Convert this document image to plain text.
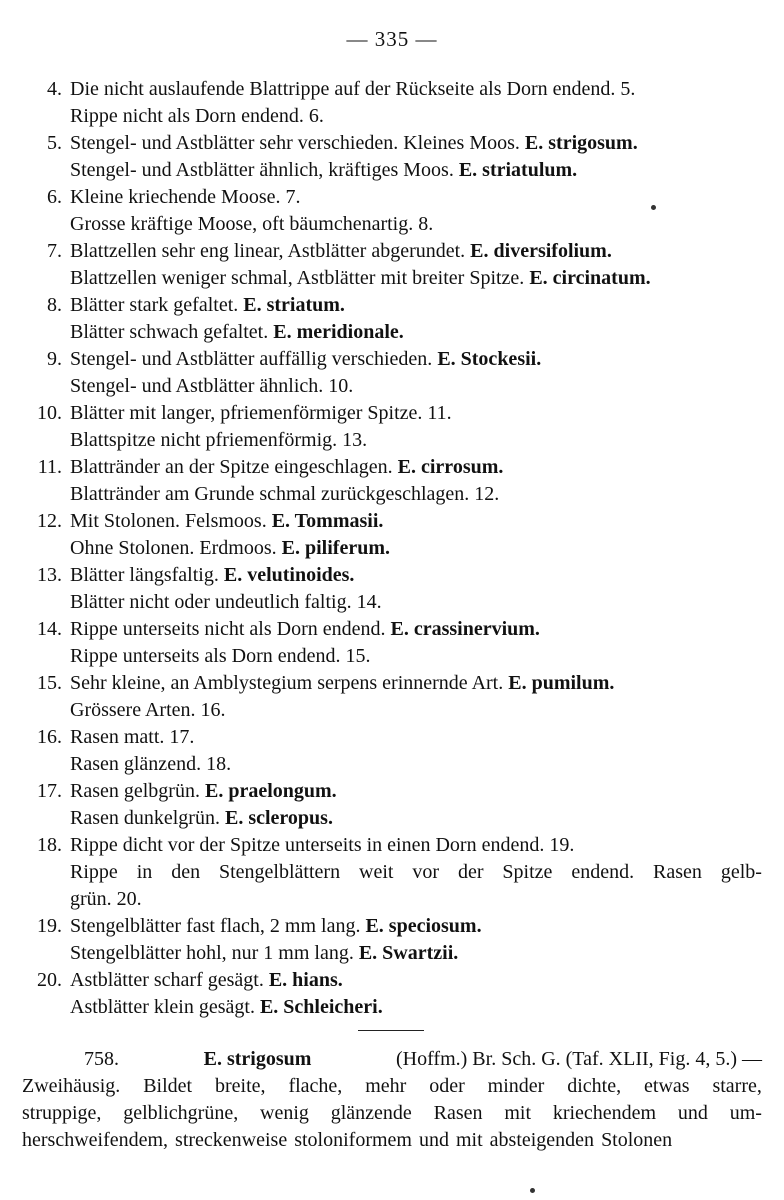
— 335 —
4. Die nicht auslaufende Blattrippe auf der Rückseite als Dorn endend. 5.
Rippe nicht als Dorn endend. 6.
5. Stengel- und Astblätter sehr verschieden. Kleines Moos. E. strigosum.
Stengel- und Astblätter ähnlich, kräftiges Moos. E. striatulum.
6. Kleine kriechende Moose. 7.
Grosse kräftige Moose, oft bäumchenartig. 8.
7. Blattzellen sehr eng linear, Astblätter abgerundet. E. diversifolium.
Blattzellen weniger schmal, Astblätter mit breiter Spitze. E. circinatum.
8. Blätter stark gefaltet. E. striatum.
Blätter schwach gefaltet. E. meridionale.
9. Stengel- und Astblätter auffällig verschieden. E. Stockesii.
Stengel- und Astblätter ähnlich. 10.
10. Blätter mit langer, pfriemenförmiger Spitze. 11.
Blattspitze nicht pfriemenförmig. 13.
11. Blattränder an der Spitze eingeschlagen. E. cirrosum.
Blattränder am Grunde schmal zurückgeschlagen. 12.
12. Mit Stolonen. Felsmoos. E. Tommasii.
Ohne Stolonen. Erdmoos. E. piliferum.
13. Blätter längsfaltig. E. velutinoides.
Blätter nicht oder undeutlich faltig. 14.
14. Rippe unterseits nicht als Dorn endend. E. crassinervium.
Rippe unterseits als Dorn endend. 15.
15. Sehr kleine, an Amblystegium serpens erinnernde Art. E. pumilum.
Grössere Arten. 16.
16. Rasen matt. 17.
Rasen glänzend. 18.
17. Rasen gelbgrün. E. praelongum.
Rasen dunkelgrün. E. scleropus.
18. Rippe dicht vor der Spitze unterseits in einen Dorn endend. 19.
Rippe in den Stengelblättern weit vor der Spitze endend. Rasen gelb-
grün. 20.
19. Stengelblätter fast flach, 2 mm lang. E. speciosum.
Stengelblätter hohl, nur 1 mm lang. E. Swartzii.
20. Astblätter scharf gesägt. E. hians.
Astblätter klein gesägt. E. Schleicheri.
758.	E. strigosum	(Hoffm.) Br. Sch. G. (Taf. XLII, Fig. 4, 5.) —
Zweihäusig. Bildet breite, flache, mehr oder minder dichte, etwas starre,
struppige, gelblichgrüne, wenig glänzende Rasen mit kriechendem und um-
herschweifendem, streckenweise stoloniformem und mit absteigenden Stolonen
